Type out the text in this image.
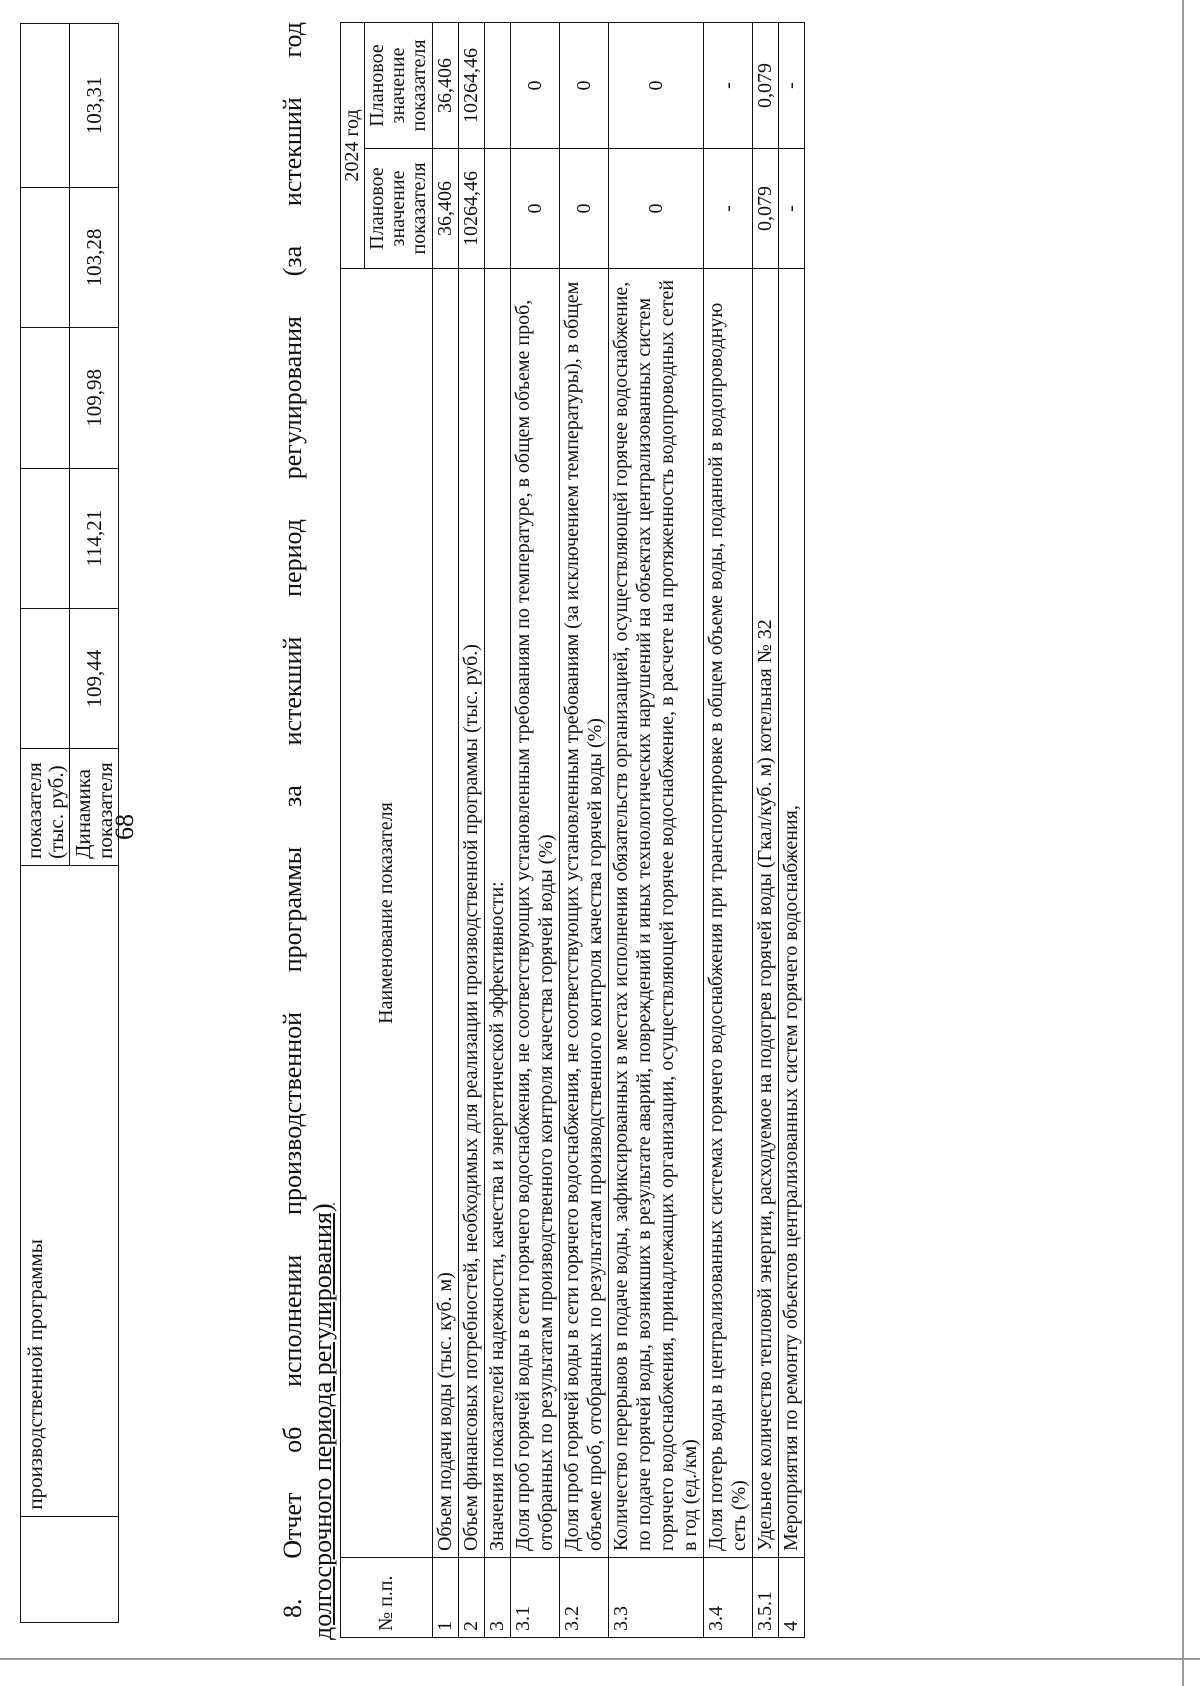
	производственной программы	показателя (тыс. руб.)					
		Динамика показателя	109,44	114,21	109,98	103,28	103,31
68	8. Отчет об исполнении производственной программы за истекший период регулирования (за истекший год долгосрочного периода регулирования) № п.п.	Наименование показателя	2024 год	
		Плановое значение показателя	Плановое значение показателя
1	Объем подачи воды (тыс. куб. м)	36,406	36,406
2	Объем финансовых потребностей, необходимых для реализации производственной программы (тыс. руб.)	10264,46	10264,46
3	Значения показателей надежности, качества и энергетической эффективности:		
3.1	Доля проб горячей воды в сети горячего водоснабжения, не соответствующих установленным требованиям по температуре, в общем объеме проб, отобранных по результатам производственного контроля качества горячей воды (%)	0	0
3.2	Доля проб горячей воды в сети горячего водоснабжения, не соответствующих установленным требованиям (за исключением температуры), в общем объеме проб, отобранных по результатам производственного контроля качества горячей воды (%)	0	0
3.3	Количество перерывов в подаче воды, зафиксированных в местах исполнения обязательств организацией, осуществляющей горячее водоснабжение, по подаче горячей воды, возникших в результате аварий, повреждений и иных технологических нарушений на объектах централизованных систем горячего водоснабжения, принадлежащих организации, осуществляющей горячее водоснабжение, в расчете на протяженность водопроводных сетей в год (ед./км)	0	0
3.4	Доля потерь воды в централизованных системах горячего водоснабжения при транспортировке в общем объеме воды, поданной в водопроводную сеть (%)	-	-
3.5.1	Удельное количество тепловой энергии, расходуемое на подогрев горячей воды (Гкал/куб. м) котельная № 32	0,079	0,079
4	Мероприятия по ремонту объектов централизованных систем горячего водоснабжения,	-	-
